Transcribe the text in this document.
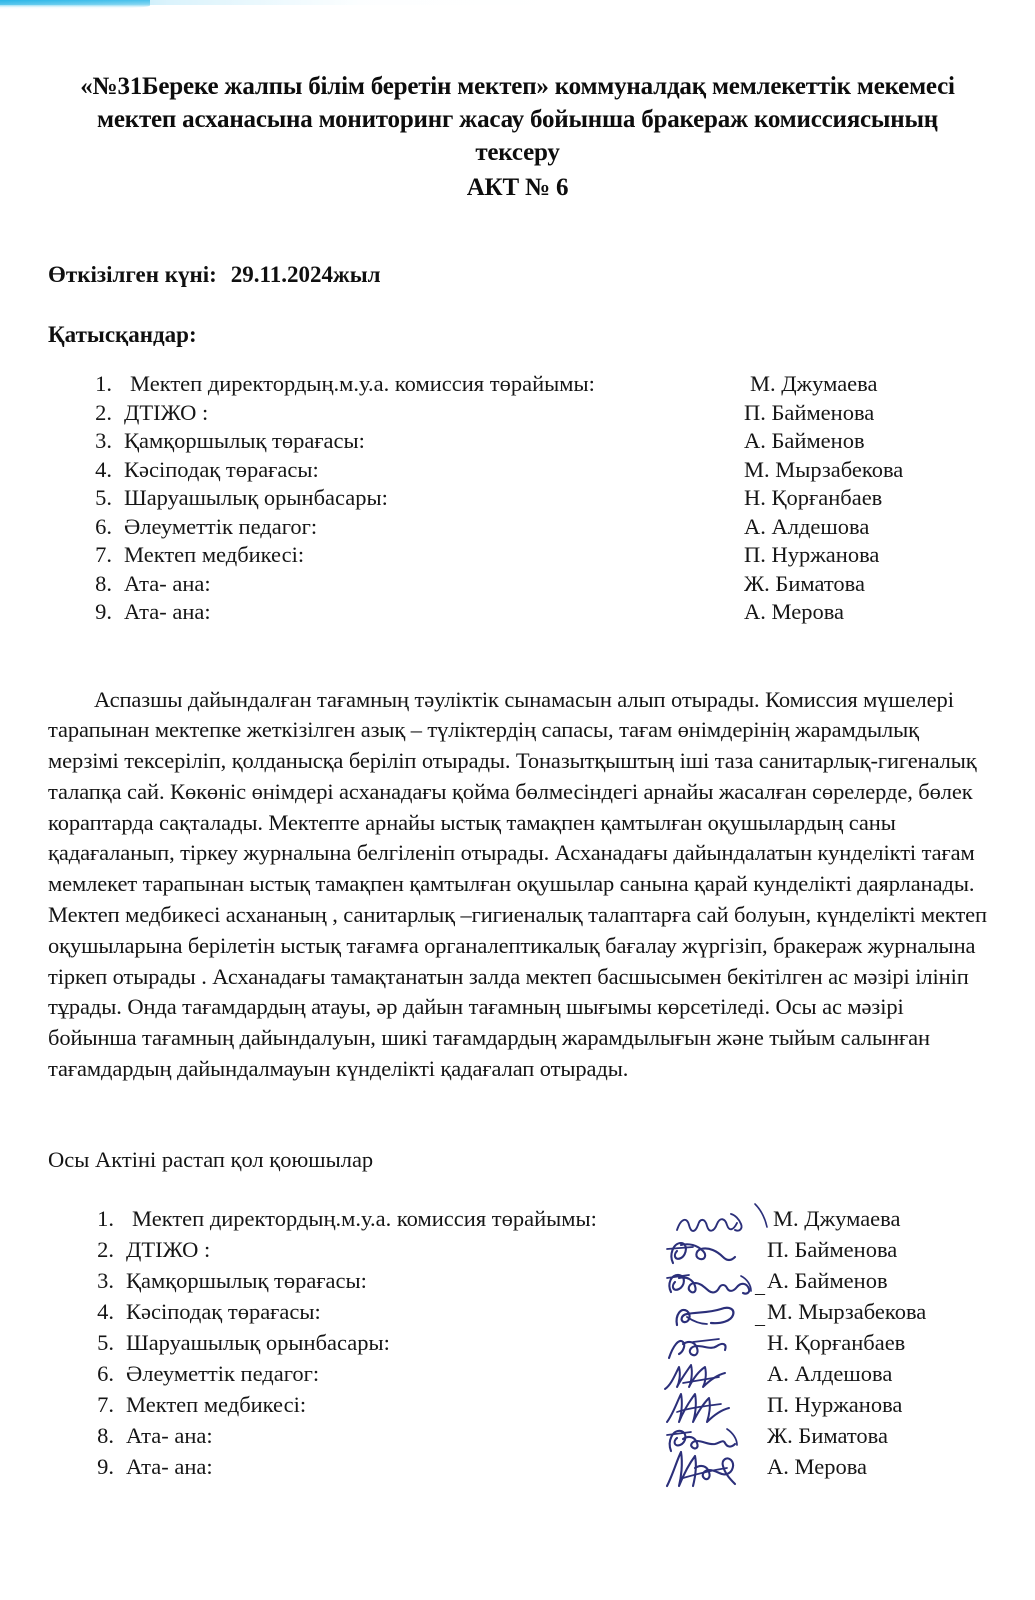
«№31Береке жалпы білім беретін мектеп» коммуналдақ мемлекеттік мекемесі
мектеп асханасына мониторинг жасау бойынша бракераж комиссиясының тексеру
АКТ № 6
Өткізілген күні: 29.11.2024жыл
Қатысқандар:
1. Мектеп директордың.м.у.а. комиссия төрайымы:	М. Джумаева
2. ДТІЖО :	П. Байменова
3. Қамқоршылық төрағасы:	А. Байменов
4. Кәсіподақ төрағасы:	М. Мырзабекова
5. Шаруашылық орынбасары:	Н. Қорғанбаев
6. Әлеуметтік педагог:	А. Алдешова
7. Мектеп медбикесі:	П. Нуржанова
8. Ата- ана:	Ж. Биматова
9. Ата- ана:	А. Мерова

Аспазшы дайындалған тағамның тәуліктік сынамасын алып отырады. Комиссия мүшелері тарапынан мектепке жеткізілген азық – түліктердің сапасы, тағам өнімдерінің жарамдылық мерзімі тексеріліп, қолданысқа беріліп отырады. Тоназытқыштың іші таза санитарлық-гигеналық талапқа сай. Көкөніс өнімдері асханадағы қойма бөлмесіндегі арнайы жасалған сөрелерде, бөлек кораптарда сақталады. Мектепте арнайы ыстық тамақпен қамтылған оқушылардың саны қадағаланып, тіркеу журналына белгіленіп отырады. Асханадағы дайындалатын кунделікті тағам мемлекет тарапынан ыстық тамақпен қамтылған оқушылар санына қарай кунделікті даярланады. Мектеп медбикесі асхананың , санитарлық –гигиеналық талаптарға сай болуын, күнделікті мектеп оқушыларына берілетін ыстық тағамға органалептикалық бағалау жүргізіп, бракераж журналына тіркеп отырады . Асханадағы тамақтанатын залда мектеп басшысымен бекітілген ас мәзірі ілініп тұрады. Онда тағамдардың атауы, әр дайын тағамның шығымы көрсетіледі. Осы ас мәзірі бойынша тағамның дайындалуын, шикі тағамдардың жарамдылығын және тыйым салынған тағамдардың дайындалмауын күнделікті қадағалап отырады.

Осы Актіні растап қол қоюшылар
1. Мектеп директордың.м.у.а. комиссия төрайымы:	М. Джумаева
2. ДТІЖО :	П. Байменова
3. Қамқоршылық төрағасы:	– А. Байменов
4. Кәсіподақ төрағасы:	– М. Мырзабекова
5. Шаруашылық орынбасары:	Н. Қорғанбаев
6. Әлеуметтік педагог:	А. Алдешова
7. Мектеп медбикесі:	П. Нуржанова
8. Ата- ана:	Ж. Биматова
9. Ата- ана:	А. Мерова
